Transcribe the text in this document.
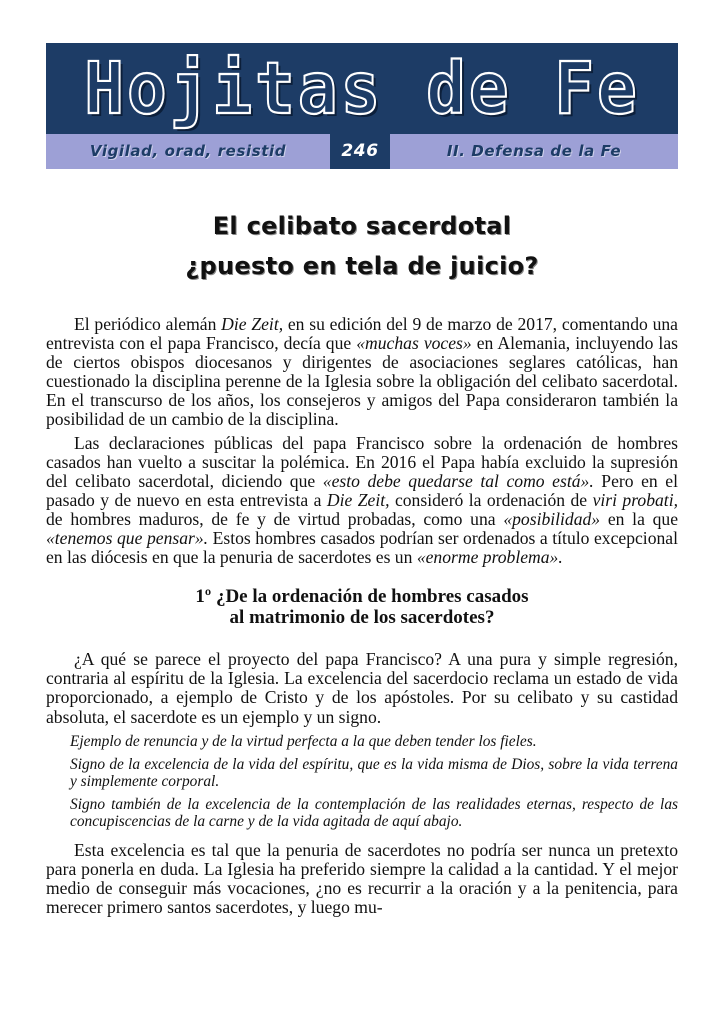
Hojitas de Fe
Vigilad, orad, resistid	246	II. Defensa de la Fe
El celibato sacerdotal
¿puesto en tela de juicio?

El periódico alemán Die Zeit, en su edición del 9 de marzo de 2017, comentando una entrevista con el papa Francisco, decía que «muchas voces» en Alemania, incluyendo las de ciertos obispos diocesanos y dirigentes de asociaciones seglares católicas, han cuestionado la disciplina perenne de la Iglesia sobre la obligación del celibato sacerdotal. En el transcurso de los años, los consejeros y amigos del Papa consideraron también la posibilidad de un cambio de la disciplina.

Las declaraciones públicas del papa Francisco sobre la ordenación de hombres casados han vuelto a suscitar la polémica. En 2016 el Papa había excluido la supresión del celibato sacerdotal, diciendo que «esto debe quedarse tal como está». Pero en el pasado y de nuevo en esta entrevista a Die Zeit, consideró la ordenación de viri probati, de hombres maduros, de fe y de virtud probadas, como una «posibilidad» en la que «tenemos que pensar». Estos hombres casados podrían ser ordenados a título excepcional en las diócesis en que la penuria de sacerdotes es un «enorme problema».

1º ¿De la ordenación de hombres casados
al matrimonio de los sacerdotes?

¿A qué se parece el proyecto del papa Francisco? A una pura y simple regresión, contraria al espíritu de la Iglesia. La excelencia del sacerdocio reclama un estado de vida proporcionado, a ejemplo de Cristo y de los apóstoles. Por su celibato y su castidad absoluta, el sacerdote es un ejemplo y un signo.

Ejemplo de renuncia y de la virtud perfecta a la que deben tender los fieles.

Signo de la excelencia de la vida del espíritu, que es la vida misma de Dios, sobre la vida terrena y simplemente corporal.

Signo también de la excelencia de la contemplación de las realidades eternas, respecto de las concupiscencias de la carne y de la vida agitada de aquí abajo.

Esta excelencia es tal que la penuria de sacerdotes no podría ser nunca un pretexto para ponerla en duda. La Iglesia ha preferido siempre la calidad a la cantidad. Y el mejor medio de conseguir más vocaciones, ¿no es recurrir a la oración y a la penitencia, para merecer primero santos sacerdotes, y luego mu-
